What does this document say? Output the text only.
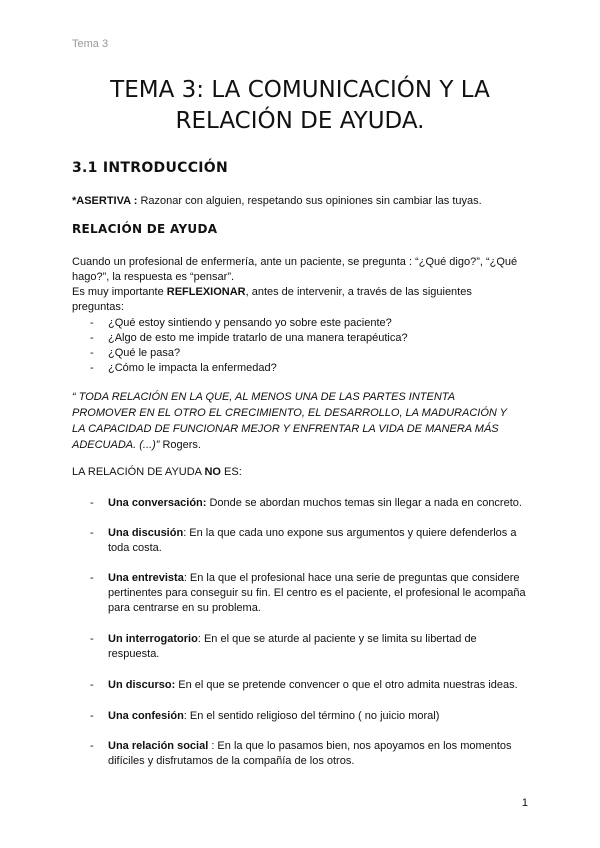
Tema 3
TEMA 3: LA COMUNICACIÓN Y LA
RELACIÓN DE AYUDA.
3.1 INTRODUCCIÓN
*ASERTIVA : Razonar con alguien, respetando sus opiniones sin cambiar las tuyas.
RELACIÓN DE AYUDA
Cuando un profesional de enfermería, ante un paciente, se pregunta : “¿Qué digo?”, “¿Qué
hago?”, la respuesta es “pensar”.
Es muy importante REFLEXIONAR, antes de intervenir, a través de las siguientes
preguntas:
- ¿Qué estoy sintiendo y pensando yo sobre este paciente?
- ¿Algo de esto me impide tratarlo de una manera terapéutica?
- ¿Qué le pasa?
- ¿Cómo le impacta la enfermedad?
“ TODA RELACIÓN EN LA QUE, AL MENOS UNA DE LAS PARTES INTENTA
PROMOVER EN EL OTRO EL CRECIMIENTO, EL DESARROLLO, LA MADURACIÓN Y
LA CAPACIDAD DE FUNCIONAR MEJOR Y ENFRENTAR LA VIDA DE MANERA MÁS
ADECUADA. (...)” Rogers.
LA RELACIÓN DE AYUDA NO ES:
- Una conversación: Donde se abordan muchos temas sin llegar a nada en concreto.
- Una discusión: En la que cada uno expone sus argumentos y quiere defenderlos a toda costa.
- Una entrevista: En la que el profesional hace una serie de preguntas que considere pertinentes para conseguir su fin. El centro es el paciente, el profesional le acompaña para centrarse en su problema.
- Un interrogatorio: En el que se aturde al paciente y se limita su libertad de respuesta.
- Un discurso: En el que se pretende convencer o que el otro admita nuestras ideas.
- Una confesión: En el sentido religioso del término ( no juicio moral)
- Una relación social : En la que lo pasamos bien, nos apoyamos en los momentos difíciles y disfrutamos de la compañía de los otros.
1
